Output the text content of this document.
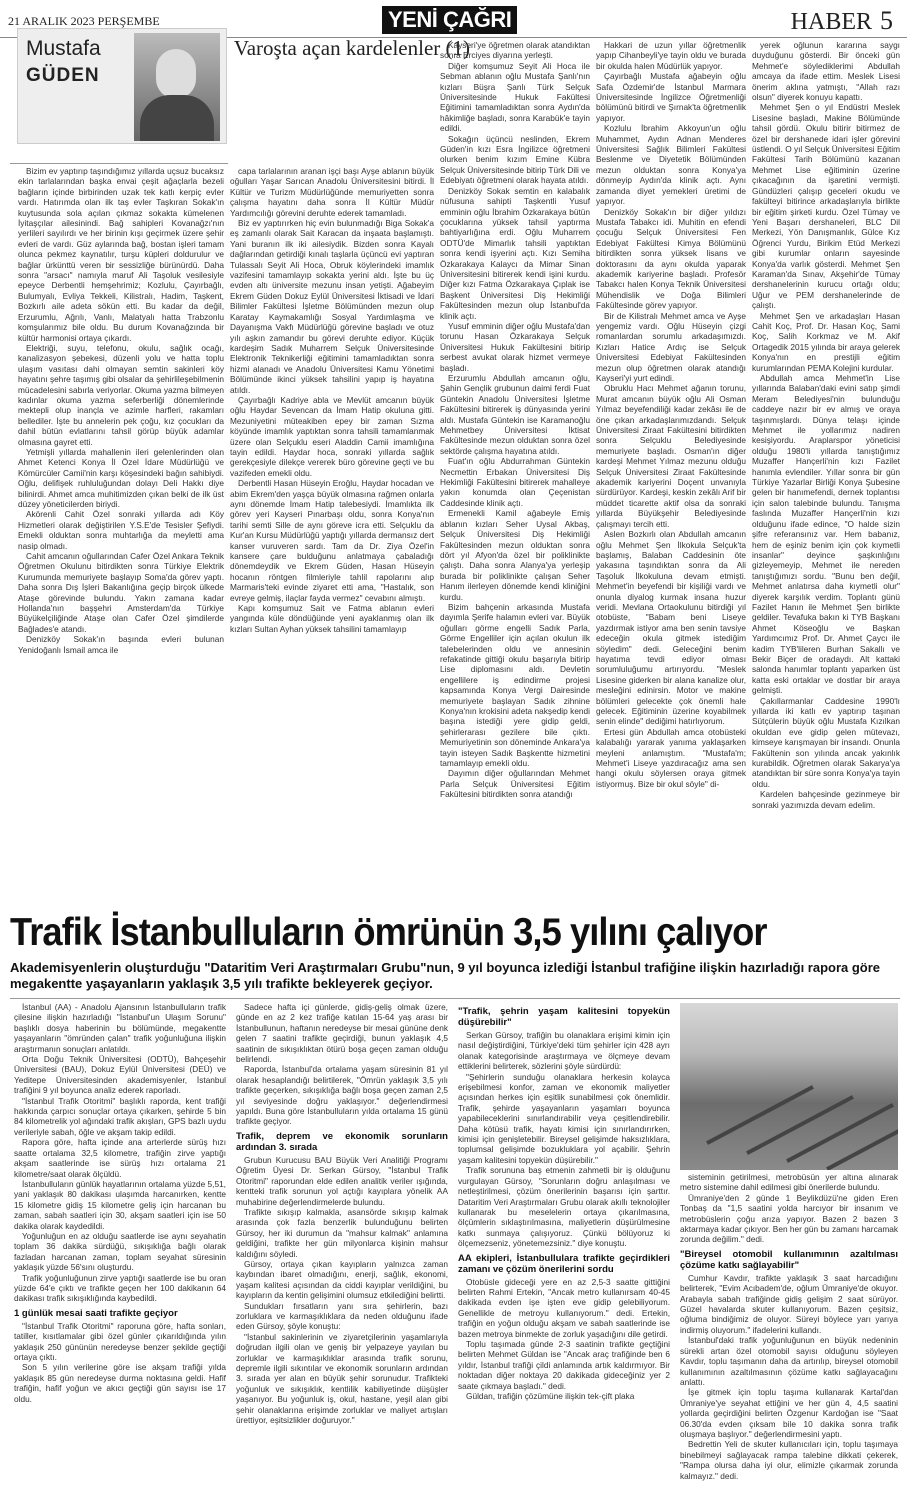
21 ARALIK 2023 PERŞEMBE	YENİ ÇAĞRI	HABER 5
Mustafa
GÜDEN
Varoşta açan kardelenler (1)

Bizim ev yaptırıp taşındığımız yıllarda uçsuz bucaksız ekin tarlalarından başka envai çeşit ağaçlarla bezeli bağların içinde birbirinden uzak tek katlı kerpiç evler vardı. Hatırımda olan ilk taş evler Taşkıran Sokak'ın kuytusunda sola açılan çıkmaz sokakta kümelenen İyitaşçılar ailesinindi. Bağ sahipleri Kovanağzı'nın yerlileri sayılırdı ve her birinin kışı geçirmek üzere şehir evleri de vardı. Güz aylarında bağ, bostan işleri tamam olunca pekmez kaynatılır, turşu küpleri doldurulur ve bağlar ürkünttü veren bir sessizliğe bürünürdü. Daha sonra "arsacı" namıyla maruf Ali Taşoluk vesilesiyle epeyce Derbentli hemşehrimiz; Kozlulu, Çayırbağlı, Bulumyalı, Evliya Tekkeli, Kilistralı, Hadim, Taşkent, Bozkırlı aile adeta sökün etti. Bu kadar da değil, Erzurumlu, Ağrılı, Vanlı, Malatyalı hatta Trabzonlu komşularımız bile oldu. Bu durum Kovanağzında bir kültür harmonisi ortaya çıkardı.

Elektriği, suyu, telefonu, okulu, sağlık ocağı, kanalizasyon şebekesi, düzenli yolu ve hatta toplu ulaşım vasıtası dahi olmayan semtin sakinleri köy hayatını şehre taşımış gibi olsalar da şehirlileşebilmenin mücadelesini sabırla veriyorlar. Okuma yazma bilmeyen kadınlar okuma yazma seferberliği dönemlerinde mektepli olup inançla ve azimle harfleri, rakamları bellediler. İşte bu annelerin pek çoğu, kız çocukları da dahil bütün evlatlarını tahsil görüp büyük adamlar olmasına gayret etti.

Yetmişli yıllarda mahallenin ileri gelenlerinden olan Ahmet Ketenci Konya İl Özel İdare Müdürlüğü ve Kömürcüler Camii'nin karşı köşesindeki bağın sahibiydi. Oğlu, delifişek ruhluluğundan dolayı Deli Hakkı diye bilinirdi. Ahmet amca muhitimizden çıkan belki de ilk üst düzey yöneticilerden biriydi.

Akörenli Cahit Özel sonraki yıllarda adı Köy Hizmetleri olarak değiştirilen Y.S.E'de Tesisler Şefiydi. Emekli olduktan sonra muhtarlığa da meyletti ama nasip olmadı.

Cahit amcanın oğullarından Cafer Özel Ankara Teknik Öğretmen Okulunu bitirdikten sonra Türkiye Elektrik Kurumunda memuriyete başlayıp Soma'da görev yaptı. Daha sonra Dış İşleri Bakanlığına geçip birçok ülkede Ataşe görevinde bulundu. Yakın zamana kadar Hollanda'nın başşehri Amsterdam'da Türkiye Büyükelçiliğinde Ataşe olan Cafer Özel şimdilerde Bağlades'e atandı.

Denizköy Sokak'ın başında evleri bulunan Yenidoğanlı İsmail amca ile

capa tarlalarının aranan işçi başı Ayşe ablanın büyük oğulları Yaşar Sarıcan Anadolu Üniversitesini bitirdi. İl Kültür ve Turizm Müdürlüğünde memuriyetten sonra çalışma hayatını daha sonra İl Kültür Müdür Yardımcılığı görevini deruhte ederek tamamladı.

Biz ev yaptırırken hiç evin bulunmadığı Biga Sokak'a eş zamanlı olarak Sait Karacan da inşaata başlamıştı. Yani buranın ilk iki ailesiydik. Bizden sonra Kayalı dağlarından getirdiği kınalı taşlarla üçüncü evi yaptıran Tulassalı Seyit Ali Hoca, Obruk köylerindeki imamlık vazifesini tamamlayıp sokakta yerini aldı. İşte bu üç evden altı üniversite mezunu insan yetişti. Ağabeyim Ekrem Güden Dokuz Eylül Üniversitesi İktisadi ve İdari Bilimler Fakültesi İşletme Bölümünden mezun olup Karatay Kaymakamlığı Sosyal Yardımlaşma ve Dayanışma Vakfı Müdürlüğü görevine başladı ve otuz yılı aşkın zamandır bu görevi deruhte ediyor. Küçük kardeşim Sadık Muharrem Selçuk Üniversitesinde Elektronik Teknikerliği eğitimini tamamladıktan sonra hizmi alanadı ve Anadolu Üniversitesi Kamu Yönetimi Bölümünde ikinci yüksek tahsilini yapıp iş hayatına atıldı.

Çayırbağlı Kadriye abla ve Mevlüt amcanın büyük oğlu Haydar Sevencan da İmam Hatip okuluna gitti. Mezuniyetini müteakiben epey bir zaman Sızma köyünde imamlık yaptıktan sonra tahsili tamamlanmak üzere olan Selçuklu eseri Aladdin Camii imamlığına tayin edildi. Haydar hoca, sonraki yıllarda sağlık gerekçesiyle dilekçe vererek büro görevine geçti ve bu vazifeden emekli oldu.

Derbentli Hasan Hüseyin Eroğlu, Haydar hocadan ve abim Ekrem'den yaşça büyük olmasına rağmen onlarla aynı dönemde İmam Hatip talebesiydi. İmamlıkta ilk görev yeri Kayseri Pınarbaşı oldu, sonra Konya'nın tarihi semti Sille de aynı göreve icra etti. Selçuklu da Kur'an Kursu Müdürlüğü yaptığı yıllarda dermansız dert kanser vuruveren sardı. Tam da Dr. Ziya Özel'in kansere çare bulduğunu anlatmaya çabaladığı dönemdeydik ve Ekrem Güden, Hasan Hüseyin hocanın röntgen filmleriyle tahlil rapolarını alıp Marmaris'teki evinde ziyaret etti ama, "Hastalık, son evreye gelmiş, ilaçlar fayda vermez" cevabını almıştı.

Kapı komşumuz Sait ve Fatma ablanın evleri yangında küle döndüğünde yeni ayaklanmış olan ilk kızları Sultan Ayhan yüksek tahsilini tamamlayıp

Kayseri'ye öğretmen olarak atandıktan sonra Erciyes diyarına yerleşti.

Diğer komşumuz Seyit Ali Hoca ile Sebman ablanın oğlu Mustafa Şanlı'nın kızları Büşra Şanlı Türk Selçuk Üniversitesinde Hukuk Fakültesi Eğitimini tamamladıktan sonra Aydın'da hâkimliğe başladı, sonra Karabük'e tayin edildi.

Sokağın üçüncü neslinden, Ekrem Güden'in kızı Esra İngilizce öğretmeni olurken benim kızım Emine Kübra Selçuk Üniversitesinde bitirip Türk Dili ve Edebiyatı öğretmeni olarak hayata atıldı.

Denizköy Sokak semtin en kalabalık nüfusuna sahipti Taşkentli Yusuf emminin oğlu İbrahim Özkarakaya bütün çocuklarına yüksek tahsil yaptırma bahtiyarlığına erdi. Oğlu Muharrem ODTÜ'de Mimarlık tahsili yaptıktan sonra kendi işyerini açtı. Kızı Semiha Özkarakaya Kalaycı da Mimar Sinan Üniversitesini bitirerek kendi işini kurdu. Diğer kızı Fatma Özkarakaya Çıplak ise Başkent Üniversitesi Diş Hekimliği Fakültesinden mezun olup İstanbul'da klinik açtı.

Yusuf emminin diğer oğlu Mustafa'dan torunu Hasan Özkarakaya Selçuk Üniversitesi Hukuk Fakültesini bitirip serbest avukat olarak hizmet vermeye başladı.

Erzurumlu Abdullah amcanın oğlu, Şahin Gençlik grubunun daimi ferdi Fuat Güntekin Anadolu Üniversitesi İşletme Fakültesini bitirerek iş dünyasında yerini aldı. Mustafa Güntekin ise Karamanoğlu Mehmetbey Üniversitesi İktisat Fakültesinde mezun olduktan sonra özel sektörde çalışma hayatına atıldı.

Fuat'ın oğlu Abdurrahman Güntekin Necmettin Erbakan Üniversitesi Diş Hekimliği Fakültesini bitirerek mahalleye yakın konumda olan Çeçenistan Caddesinde klinik açtı.

Ermenekli Kamil ağabeyle Emiş ablanın kızları Seher Uysal Akbaş, Selçuk Üniversitesi Diş Hekimliği Fakültesinden mezun olduktan sonra dört yıl Afyon'da özel bir poliklinikte çalıştı. Daha sonra Alanya'ya yerleşip burada bir poliklinikte çalışan Seher Hanım ilerleyen dönemde kendi kliniğini kurdu.

Bizim bahçenin arkasında Mustafa dayımla Şerife halamın evleri var. Büyük oğulları görme engelli Sadık Parla, Görme Engelliler için açılan okulun ilk talebelerinden oldu ve annesinin refakatinde gittiği okulu başarıyla bitirip Lise diplomasını aldı. Devletin engellilere iş edindirme projesi kapsamında Konya Vergi Dairesinde memuriyete başlayan Sadık zihnine Konya'nın krokisini adeta nakşedip kendi başına istediği yere gidip geldi, şehirlerarası gezilere bile çıktı. Memuriyetinin son döneminde Ankara'ya tayin isteyen Sadık Başkentte hizmetini tamamlayıp emekli oldu.

Dayımın diğer oğullarından Mehmet Parla Selçuk Üniversitesi Eğitim Fakültesini bitirdikten sonra atandığı

Hakkari de uzun yıllar öğretmenlik yapıp Cihanbeyli'ye tayin oldu ve burada bir okulda halen Müdürlük yapıyor.

Çayırbağlı Mustafa ağabeyin oğlu Safa Özdemir'de İstanbul Marmara Üniversitesinde İngilizce Öğretmenliği bölümünü bitirdi ve Şırnak'ta öğretmenlik yapıyor.

Kozlulu İbrahim Akkoyun'un oğlu Muhammet, Aydın Adnan Menderes Üniversitesi Sağlık Bilimleri Fakültesi Beslenme ve Diyetetik Bölümünden mezun olduktan sonra Konya'ya dönmeyip Aydın'da klinik açtı. Aynı zamanda diyet yemekleri üretimi de yapıyor.

Denizköy Sokak'ın bir diğer yıldızı Mustafa Tabakcı idi. Muhitin en efendi çocuğu Selçuk Üniversitesi Fen Edebiyat Fakültesi Kimya Bölümünü bitirdikten sonra yüksek lisans ve doktorasını da aynı okulda yaparak akademik kariyerine başladı. Profesör Tabakcı halen Konya Teknik Üniversitesi Mühendislik ve Doğa Bilimleri Fakültesinde görev yapıyor.

Bir de Kilistralı Mehmet amca ve Ayşe yengemiz vardı. Oğlu Hüseyin çizgi romanlardan sorumlu arkadaşımızdı. Kızları Hatice Ardıç ise Selçuk Üniversitesi Edebiyat Fakültesinden mezun olup öğretmen olarak atandığı Kayseri'yi yurt edindi.

Obruklu Hacı Mehmet ağanın torunu, Murat amcanın büyük oğlu Ali Osman Yılmaz beyefendiliği kadar zekâsı ile de öne çıkan arkadaşlarımızdandı. Selçuk Üniversitesi Ziraat Fakültesini bitirdikten sonra Selçuklu Belediyesinde memuriyete başladı. Osman'ın diğer kardeşi Mehmet Yılmaz mezunu olduğu Selçuk Üniversitesi Ziraat Fakültesinde akademik kariyerini Doçent unvanıyla sürdürüyor. Kardeşi, keskin zekâlı Arif bir müddet ticarette aktif olsa da sonraki yıllarda Büyükşehir Belediyesinde çalışmayı tercih etti.

Aslen Bozkırlı olan Abdullah amcanın oğlu Mehmet Şen İlkokula Selçuk'ta başlamış, Balaban Caddesinin öte yakasına taşındıktan sonra da Ali Taşoluk İlkokuluna devam etmişti. Mehmet'in beyefendi bir kişiliği vardı ve onunla diyalog kurmak insana huzur veridi. Mevlana Ortaokulunu bitirdiği yıl otobüste, "Babam beni Liseye yazdırmak istiyor ama ben senin tavsiye edeceğin okula gitmek istediğim söyledim" dedi. Geleceğini benim hayatıma tevdi ediyor olması sorumluluğumu artırıyordu. "Meslek Lisesine giderken bir alana kanalize olur, mesleğini edinirsin. Motor ve makine bölümleri gelecekte çok önemli hale gelecek. Eğitiminin üzerine koyabilmek senin elinde" dediğimi hatırlıyorum.

Ertesi gün Abdullah amca otobüsteki kalabalığı yararak yanıma yaklaşarken meyleni anlamıştım. "Mustafa'm; Mehmet'i Liseye yazdıracağız ama sen hangi okulu söylersen oraya gitmek istiyormuş. Bize bir okul söyle" di-

Trafik İstanbulluların ömrünün 3,5 yılını çalıyor
Akademisyenlerin oluşturduğu "Dataritim Veri Araştırmaları Grubu"nun, 9 yıl boyunca izlediği İstanbul trafiğine ilişkin hazırladığı rapora göre megakentte yaşayanların yaklaşık 3,5 yılı trafikte bekleyerek geçiyor.

İstanbul (AA) - Anadolu Ajansının İstanbulluların trafik çilesine ilişkin hazırladığı "İstanbul'un Ulaşım Sorunu" başlıklı dosya haberinin bu bölümünde, megakentte yaşayanların "ömründen çalan" trafik yoğunluğuna ilişkin araştırmanın sonuçları anlatıldı.

Orta Doğu Teknik Üniversitesi (ODTÜ), Bahçeşehir Üniversitesi (BAU), Dokuz Eylül Üniversitesi (DEÜ) ve Yeditepe Üniversitesinden akademisyenler, İstanbul trafiğini 9 yıl boyunca analiz ederek raporladı.

"İstanbul Trafik Otoritmi" başlıklı raporda, kent trafiği hakkında çarpıcı sonuçlar ortaya çıkarken, şehirde 5 bin 84 kilometrelik yol ağındaki trafik akışları, GPS bazlı uydu verileriyle sabah, öğle ve akşam takip edildi.

Rapora göre, hafta içinde ana arterlerde sürüş hızı saatte ortalama 32,5 kilometre, trafiğin zirve yaptığı akşam saatlerinde ise sürüş hızı ortalama 21 kilometre/saat olarak ölçüldü.

İstanbulluların günlük hayatlarının ortalama yüzde 5,51, yani yaklaşık 80 dakikası ulaşımda harcanırken, kentte 15 kilometre gidiş 15 kilometre geliş için harcanan bu zaman, sabah saatleri için 30, akşam saatleri için ise 50 dakika olarak kaydedildi.

Yoğunluğun en az olduğu saatlerde ise aynı seyahatin toplam 36 dakika sürdüğü, sıkışıklığa bağlı olarak fazladan harcanan zaman, toplam seyahat süresinin yaklaşık yüzde 56'sını oluşturdu.

Trafik yoğunluğunun zirve yaptığı saatlerde ise bu oran yüzde 64'e çıktı ve trafikte geçen her 100 dakikanın 64 dakikası trafik sıkışıklığında kaybedildi.

1 günlük mesai saati trafikte geçiyor

"İstanbul Trafik Otoritmi" raporuna göre, hafta sonları, tatiller, kısıtlamalar gibi özel günler çıkarıldığında yılın yaklaşık 250 gününün neredeyse benzer şekilde geçtiği ortaya çıktı.

Son 5 yılın verilerine göre ise akşam trafiği yılda yaklaşık 85 gün neredeyse durma noktasına geldi. Hafif trafiğin, hafif yoğun ve akıcı geçtiği gün sayısı ise 17 oldu.

Sadece hafta içi günlerde, gidiş-geliş olmak üzere, günde en az 2 kez trafiğe katılan 15-64 yaş arası bir İstanbullunun, haftanın neredeyse bir mesai gününe denk gelen 7 saatini trafikte geçirdiği, bunun yaklaşık 4,5 saatinin de sıkışıklıktan ötürü boşa geçen zaman olduğu belirlendi.

Raporda, İstanbul'da ortalama yaşam süresinin 81 yıl olarak hesaplandığı belirtilerek, "Ömrün yaklaşık 3,5 yılı trafikte geçerken, sıkışıklığa bağlı boşa geçen zaman 2,5 yıl seviyesinde doğru yaklaşıyor." değerlendirmesi yapıldı. Buna göre İstanbulluların yılda ortalama 15 günü trafikte geçiyor.

Trafik, deprem ve ekonomik sorunların ardından 3. sırada

Grubun Kurucusu BAU Büyük Veri Analitiği Programı Öğretim Üyesi Dr. Serkan Gürsoy, "İstanbul Trafik Otoritmi" raporundan elde edilen analitik veriler ışığında, kentteki trafik sorunun yol açtığı kayıplara yönelik AA muhabirine değerlendirmelerde bulundu.

Trafikte sıkışıp kalmakla, asansörde sıkışıp kalmak arasında çok fazla benzerlik bulunduğunu belirten Gürsoy, her iki durumun da "mahsur kalmak" anlamına geldiğini, trafikte her gün milyonlarca kişinin mahsur kaldığını söyledi.

Gürsoy, ortaya çıkan kayıpların yalnızca zaman kaybından ibaret olmadığını, enerji, sağlık, ekonomi, yaşam kalitesi açısından da ciddi kayıplar verildiğini, bu kayıpların da kentin gelişimini olumsuz etkilediğini belirtti.

Sundukları fırsatların yanı sıra şehirlerin, bazı zorluklara ve karmaşıklıklara da neden olduğunu ifade eden Gürsoy, şöyle konuştu:

"İstanbul sakinlerinin ve ziyaretçilerinin yaşamlarıyla doğrudan ilgili olan ve geniş bir yelpazeye yayılan bu zorluklar ve karmaşıklıklar arasında trafik sorunu, depremle ilgili sıkıntılar ve ekonomik sorunların ardından 3. sırada yer alan en büyük şehir sorunudur. Trafikteki yoğunluk ve sıkışıklık, kentlilik kabiliyetinde düşüşler yaşanıyor. Bu yoğunluk iş, okul, hastane, yeşil alan gibi şehir olanaklarına erişimde zorluklar ve maliyet artışları ürettiyor, eşitsizlikler doğuruyor."

"Trafik, şehrin yaşam kalitesini topyekün düşürebilir"

Serkan Gürsoy, trafiğin bu olanaklara erişimi kimin için nasıl değiştirdiğini, Türkiye'deki tüm şehirler için 428 ayrı olanak kategorisinde araştırmaya ve ölçmeye devam ettiklerini belirterek, sözlerini şöyle sürdürdü:

"Şehirlerin sunduğu olanaklara herkesin kolayca erişebilmesi konfor, zaman ve ekonomik maliyetler açısından herkes için eşitlik sunabilmesi çok önemlidir. Trafik, şehirde yaşayanların yaşamları boyunca yapabileceklerini sınırlandırabilir veya çeşitlendirebilir. Daha kötüsü trafik, hayatı kimisi için sınırlandırırken, kimisi için genişletebilir. Bireysel gelişimde haksızlıklara, toplumsal gelişimde bozukluklara yol açabilir. Şehrin yaşam kalitesini topyekün düşürebilir."

Trafik sorununa baş etmenin zahmetli bir iş olduğunu vurgulayan Gürsoy, "Sorunların doğru anlaşılması ve netleştirilmesi, çözüm önerilerinin başarısı için şarttır. Dataritim Veri Araştırmaları Grubu olarak akıllı teknolojiler kullanarak bu meselelerin ortaya çıkarılmasına, ölçümlerin sıklaştırılmasına, maliyetlerin düşürülmesine katkı sunmaya çalışıyoruz. Çünkü bölüyoruz ki ölçemezseniz, yönetemezsiniz." diye konuştu.

AA ekipleri, İstanbullulara trafikte geçirdikleri zamanı ve çözüm önerilerini sordu

Otobüsle gideceği yere en az 2,5-3 saatte gittiğini belirten Rahmi Ertekin, "Ancak metro kullanırsam 40-45 dakikada evden işe işten eve gidip gelebiliyorum. Genellikle de metroyu kullanıyorum." dedi. Ertekin, trafiğin en yoğun olduğu akşam ve sabah saatlerinde ise bazen metroya binmekte de zorluk yaşadığını dile getirdi.

Toplu taşımada günde 2-3 saatinin trafikte geçtiğini belirten Mehmet Güldan ise "Ancak araç trafiğinde ben 6 yıldır, İstanbul trafiği çildi anlamında artık kaldırmıyor. Bir noktadan diğer noktaya 20 dakikada gideceğiniz yer 2 saate çıkmaya başladı." dedi.

Güldan, trafiğin çözümüne ilişkin tek-çift plaka

sisteminin getirilmesi, metrobüsün yer altına alınarak metro sistemine dahil edilmesi gibi önerilerde bulundu.

Ümraniye'den 2 günde 1 Beylikdüzü'ne giden Eren Tonbaş da "1,5 saatini yolda harcıyor bir insanım ve metrobüslerin çoğu arıza yapıyor. Bazen 2 bazen 3 aktarmaya kadar çıkıyor. Ben her gün bu zamanı harcamak zorunda değilim." dedi.

"Bireysel otomobil kullanımının azaltılması çözüme katkı sağlayabilir"

Cumhur Kavdır, trafikte yaklaşık 3 saat harcadığını belirterek, "Evim Acıbadem'de, oğlum Ümraniye'de okuyor. Arabayla sabah trafiğinde gidiş gelişim 2 saat sürüyor. Güzel havalarda skuter kullanıyorum. Bazen çeşitsiz, oğluma bindiğimiz de oluyor. Süreyi böylece yarı yarıya indirmiş oluyorum." ifadelerini kullandı.

İstanbul'daki trafik yoğunluğunun en büyük nedeninin sürekli artan özel otomobil sayısı olduğunu söyleyen Kavdır, toplu taşımanın daha da artırılıp, bireysel otomobil kullanımının azaltılmasının çözüme katkı sağlayacağını anlattı.

İşe gitmek için toplu taşıma kullanarak Kartal'dan Ümraniye'ye seyahat ettiğini ve her gün 4, 4,5 saatini yollarda geçirdiğini belirten Özgenur Kardoğan ise "Saat 06.30'da evden çıksam bile 10 dakika sonra trafik oluşmaya başlıyor." değerlendirmesini yaptı.

Bedrettin Yeli de skuter kullanıcıları için, toplu taşımaya binebilmeyi sağlayacak rampa talebine dikkati çekerek, "Rampa olursa daha iyi olur, elimizle çıkarmak zorunda kalmayız." dedi.

yerek oğlunun kararına saygı duyduğunu gösterdi. Bir önceki gün Mehmet'e söylediklerimi Abdullah amcaya da ifade ettim. Meslek Lisesi önerim aklına yatmıştı, "Allah razı olsun" diyerek konuyu kapattı.

Mehmet Şen o yıl Endüstri Meslek Lisesine başladı, Makine Bölümünde tahsil gördü. Okulu bitirir bitirmez de özel bir dershanede idari işler görevini üstlendi. O yıl Selçuk Üniversitesi Eğitim Fakültesi Tarih Bölümünü kazanan Mehmet Lise eğitiminin üzerine çıkacağının da işaretini vermişti. Gündüzleri çalışıp geceleri okudu ve fakülteyi bitirince arkadaşlarıyla birlikte bir eğitim şirketi kurdu. Özel Tümay ve Yeni Başarı dershaneleri, BLC Dil Merkezi, Yön Danışmanlık, Gülce Kız Öğrenci Yurdu, Birikim Etüd Merkezi gibi kurumlar onların sayesinde Konya'da varlık gösterdi. Mehmet Şen Karaman'da Sınav, Akşehir'de Tümay dershanelerinin kurucu ortağı oldu; Uğur ve PEM dershanelerinde de çalıştı.

Mehmet Şen ve arkadaşları Hasan Cahit Koç, Prof. Dr. Hasan Koç, Sami Koç, Salih Korkmaz ve M. Akif Ortagedik 2015 yılında bir araya gelerek Konya'nın en prestijli eğitim kurumlarından PEMA Kolejini kurdular.

Abdullah amca Mehmet'in Lise yıllarında Balaban'daki evini satıp şimdi Meram Belediyesi'nin bulunduğu caddeye nazır bir ev almış ve oraya taşınmışlardı. Dünya telaşı içinde Mehmet ile yollarımız nadiren kesişiyordu. Araplarspor yöneticisi olduğu 1980'li yıllarda tanıştığımız Muzaffer Hançerli'nin kızı Fazilet hanımla evlendiler. Yıllar sonra bir gün Türkiye Yazarlar Birliği Konya Şubesine gelen bir hanımefendi, dernek toplantısı için salon talebinde bulundu. Tanışma faslında Muzaffer Hançerli'nin kızı olduğunu ifade edince, "O halde sizin şifre referansınız var. Hem babanız, hem de eşiniz benim için çok kıymetli insanlar" deyince şaşkınlığını gizleyemeyip, Mehmet ile nereden tanıştığımızı sordu. "Bunu ben değil, Mehmet anlatırsa daha kıymetli olur" diyerek karşılık verdim. Toplantı günü Fazilet Hanın ile Mehmet Şen birlikte geldiler. Tevafuka bakın ki TYB Başkanı Ahmet Köseoğlu ve Başkan Yardımcımız Prof. Dr. Ahmet Çaycı ile kadim TYB'lileren Burhan Sakallı ve Bekir Biçer de oradaydı. Alt kattaki salonda hanımlar toplantı yaparken üst katta eski ortaklar ve dostlar bir araya gelmişti.

Çakıllarmanlar Caddesine 1990'lı yıllarda iki katlı ev yaptırıp taşınan Sütçülerin büyük oğlu Mustafa Kızılkan okuldan eve gidip gelen mütevazı, kimseye karışmayan bir insandı. Onunla Fakültenin son yılında ancak yakınlık kurabildik. Öğretmen olarak Sakarya'ya atandıktan bir süre sonra Konya'ya tayin oldu.

Kardelen bahçesinde gezinmeye bir sonraki yazımızda devam edelim.
